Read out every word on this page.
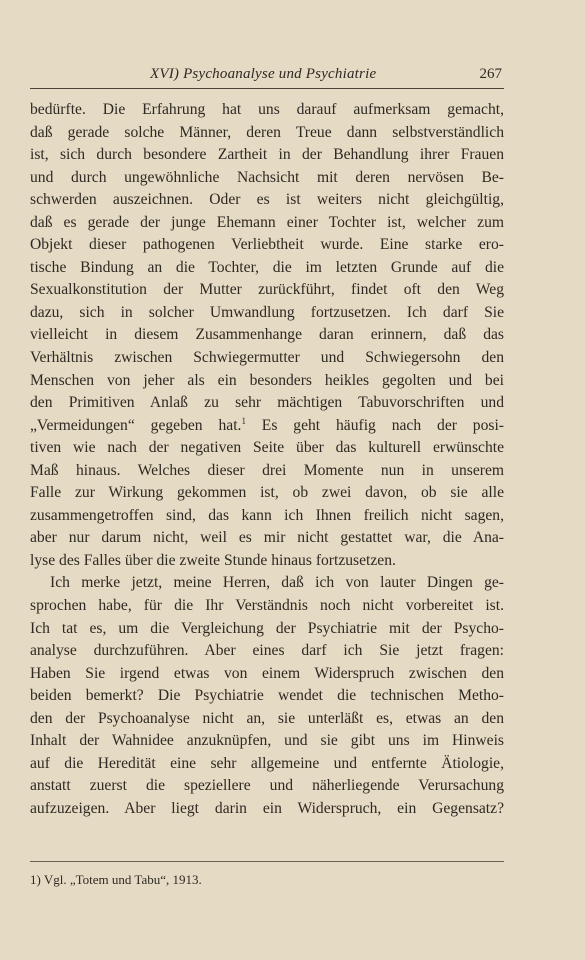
XVI) Psychoanalyse und Psychiatrie	267
bedürfte. Die Erfahrung hat uns darauf aufmerksam gemacht,
daß gerade solche Männer, deren Treue dann selbstverständlich
ist, sich durch besondere Zartheit in der Behandlung ihrer Frauen
und durch ungewöhnliche Nachsicht mit deren nervösen Be-
schwerden auszeichnen. Oder es ist weiters nicht gleichgültig,
daß es gerade der junge Ehemann einer Tochter ist, welcher zum
Objekt dieser pathogenen Verliebtheit wurde. Eine starke ero-
tische Bindung an die Tochter, die im letzten Grunde auf die
Sexualkonstitution der Mutter zurückführt, findet oft den Weg
dazu, sich in solcher Umwandlung fortzusetzen. Ich darf Sie
vielleicht in diesem Zusammenhange daran erinnern, daß das
Verhältnis zwischen Schwiegermutter und Schwiegersohn den
Menschen von jeher als ein besonders heikles gegolten und bei
den Primitiven Anlaß zu sehr mächtigen Tabuvorschriften und
„Vermeidungen“ gegeben hat.$^1$ Es geht häufig nach der posi-
tiven wie nach der negativen Seite über das kulturell erwünschte
Maß hinaus. Welches dieser drei Momente nun in unserem
Falle zur Wirkung gekommen ist, ob zwei davon, ob sie alle
zusammengetroffen sind, das kann ich Ihnen freilich nicht sagen,
aber nur darum nicht, weil es mir nicht gestattet war, die Ana-
lyse des Falles über die zweite Stunde hinaus fortzusetzen.
Ich merke jetzt, meine Herren, daß ich von lauter Dingen ge-
sprochen habe, für die Ihr Verständnis noch nicht vorbereitet ist.
Ich tat es, um die Vergleichung der Psychiatrie mit der Psycho-
analyse durchzuführen. Aber eines darf ich Sie jetzt fragen:
Haben Sie irgend etwas von einem Widerspruch zwischen den
beiden bemerkt? Die Psychiatrie wendet die technischen Metho-
den der Psychoanalyse nicht an, sie unterläßt es, etwas an den
Inhalt der Wahnidee anzuknüpfen, und sie gibt uns im Hinweis
auf die Heredität eine sehr allgemeine und entfernte Ätiologie,
anstatt zuerst die speziellere und näherliegende Verursachung
aufzuzeigen. Aber liegt darin ein Widerspruch, ein Gegensatz?
1) Vgl. „Totem und Tabu“, 1913.
